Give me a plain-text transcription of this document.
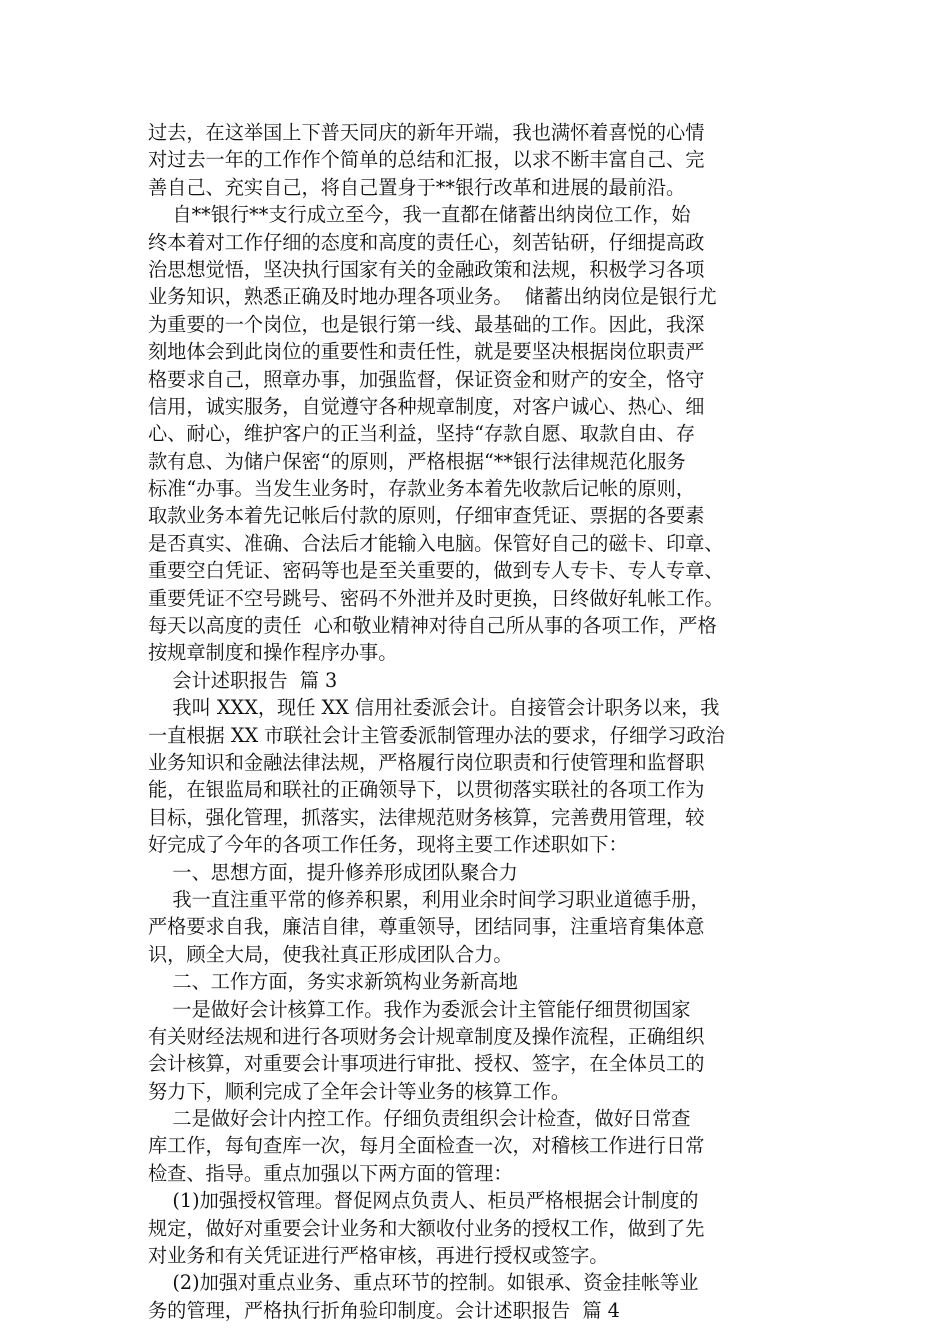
过去，在这举国上下普天同庆的新年开端，我也满怀着喜悦的心情
对过去一年的工作作个简单的总结和汇报，以求不断丰富自己、完
善自己、充实自己，将自己置身于**银行改革和进展的最前沿。
自**银行**支行成立至今，我一直都在储蓄出纳岗位工作，始
终本着对工作仔细的态度和高度的责任心，刻苦钻研，仔细提高政
治思想觉悟，坚决执行国家有关的金融政策和法规，积极学习各项
业务知识，熟悉正确及时地办理各项业务。  储蓄出纳岗位是银行尤
为重要的一个岗位，也是银行第一线、最基础的工作。因此，我深
刻地体会到此岗位的重要性和责任性，就是要坚决根据岗位职责严
格要求自己，照章办事，加强监督，保证资金和财产的安全，恪守
信用，诚实服务，自觉遵守各种规章制度，对客户诚心、热心、细
心、耐心，维护客户的正当利益，坚持“存款自愿、取款自由、存
款有息、为储户保密“的原则，严格根据“**银行法律规范化服务
标准“办事。当发生业务时，存款业务本着先收款后记帐的原则，
取款业务本着先记帐后付款的原则，仔细审查凭证、票据的各要素
是否真实、准确、合法后才能输入电脑。保管好自己的磁卡、印章、
重要空白凭证、密码等也是至关重要的，做到专人专卡、专人专章、
重要凭证不空号跳号、密码不外泄并及时更换，日终做好轧帐工作。
每天以高度的责任  心和敬业精神对待自己所从事的各项工作，严格
按规章制度和操作程序办事。
会计述职报告  篇 3
我叫 XXX，现任 XX 信用社委派会计。自接管会计职务以来，我
一直根据 XX 市联社会计主管委派制管理办法的要求，仔细学习政治
业务知识和金融法律法规，严格履行岗位职责和行使管理和监督职
能，在银监局和联社的正确领导下，以贯彻落实联社的各项工作为
目标，强化管理，抓落实，法律规范财务核算，完善费用管理，较
好完成了今年的各项工作任务，现将主要工作述职如下：
一、思想方面，提升修养形成团队聚合力
我一直注重平常的修养积累，利用业余时间学习职业道德手册，
严格要求自我，廉洁自律，尊重领导，团结同事，注重培育集体意
识，顾全大局，使我社真正形成团队合力。
二、工作方面，务实求新筑构业务新高地
一是做好会计核算工作。我作为委派会计主管能仔细贯彻国家
有关财经法规和进行各项财务会计规章制度及操作流程，正确组织
会计核算，对重要会计事项进行审批、授权、签字，在全体员工的
努力下，顺利完成了全年会计等业务的核算工作。
二是做好会计内控工作。仔细负责组织会计检查，做好日常查
库工作，每旬查库一次，每月全面检查一次，对稽核工作进行日常
检查、指导。重点加强以下两方面的管理：
(1)加强授权管理。督促网点负责人、柜员严格根据会计制度的
规定，做好对重要会计业务和大额收付业务的授权工作，做到了先
对业务和有关凭证进行严格审核，再进行授权或签字。
(2)加强对重点业务、重点环节的控制。如银承、资金挂帐等业
务的管理，严格执行折角验印制度。会计述职报告  篇 4
